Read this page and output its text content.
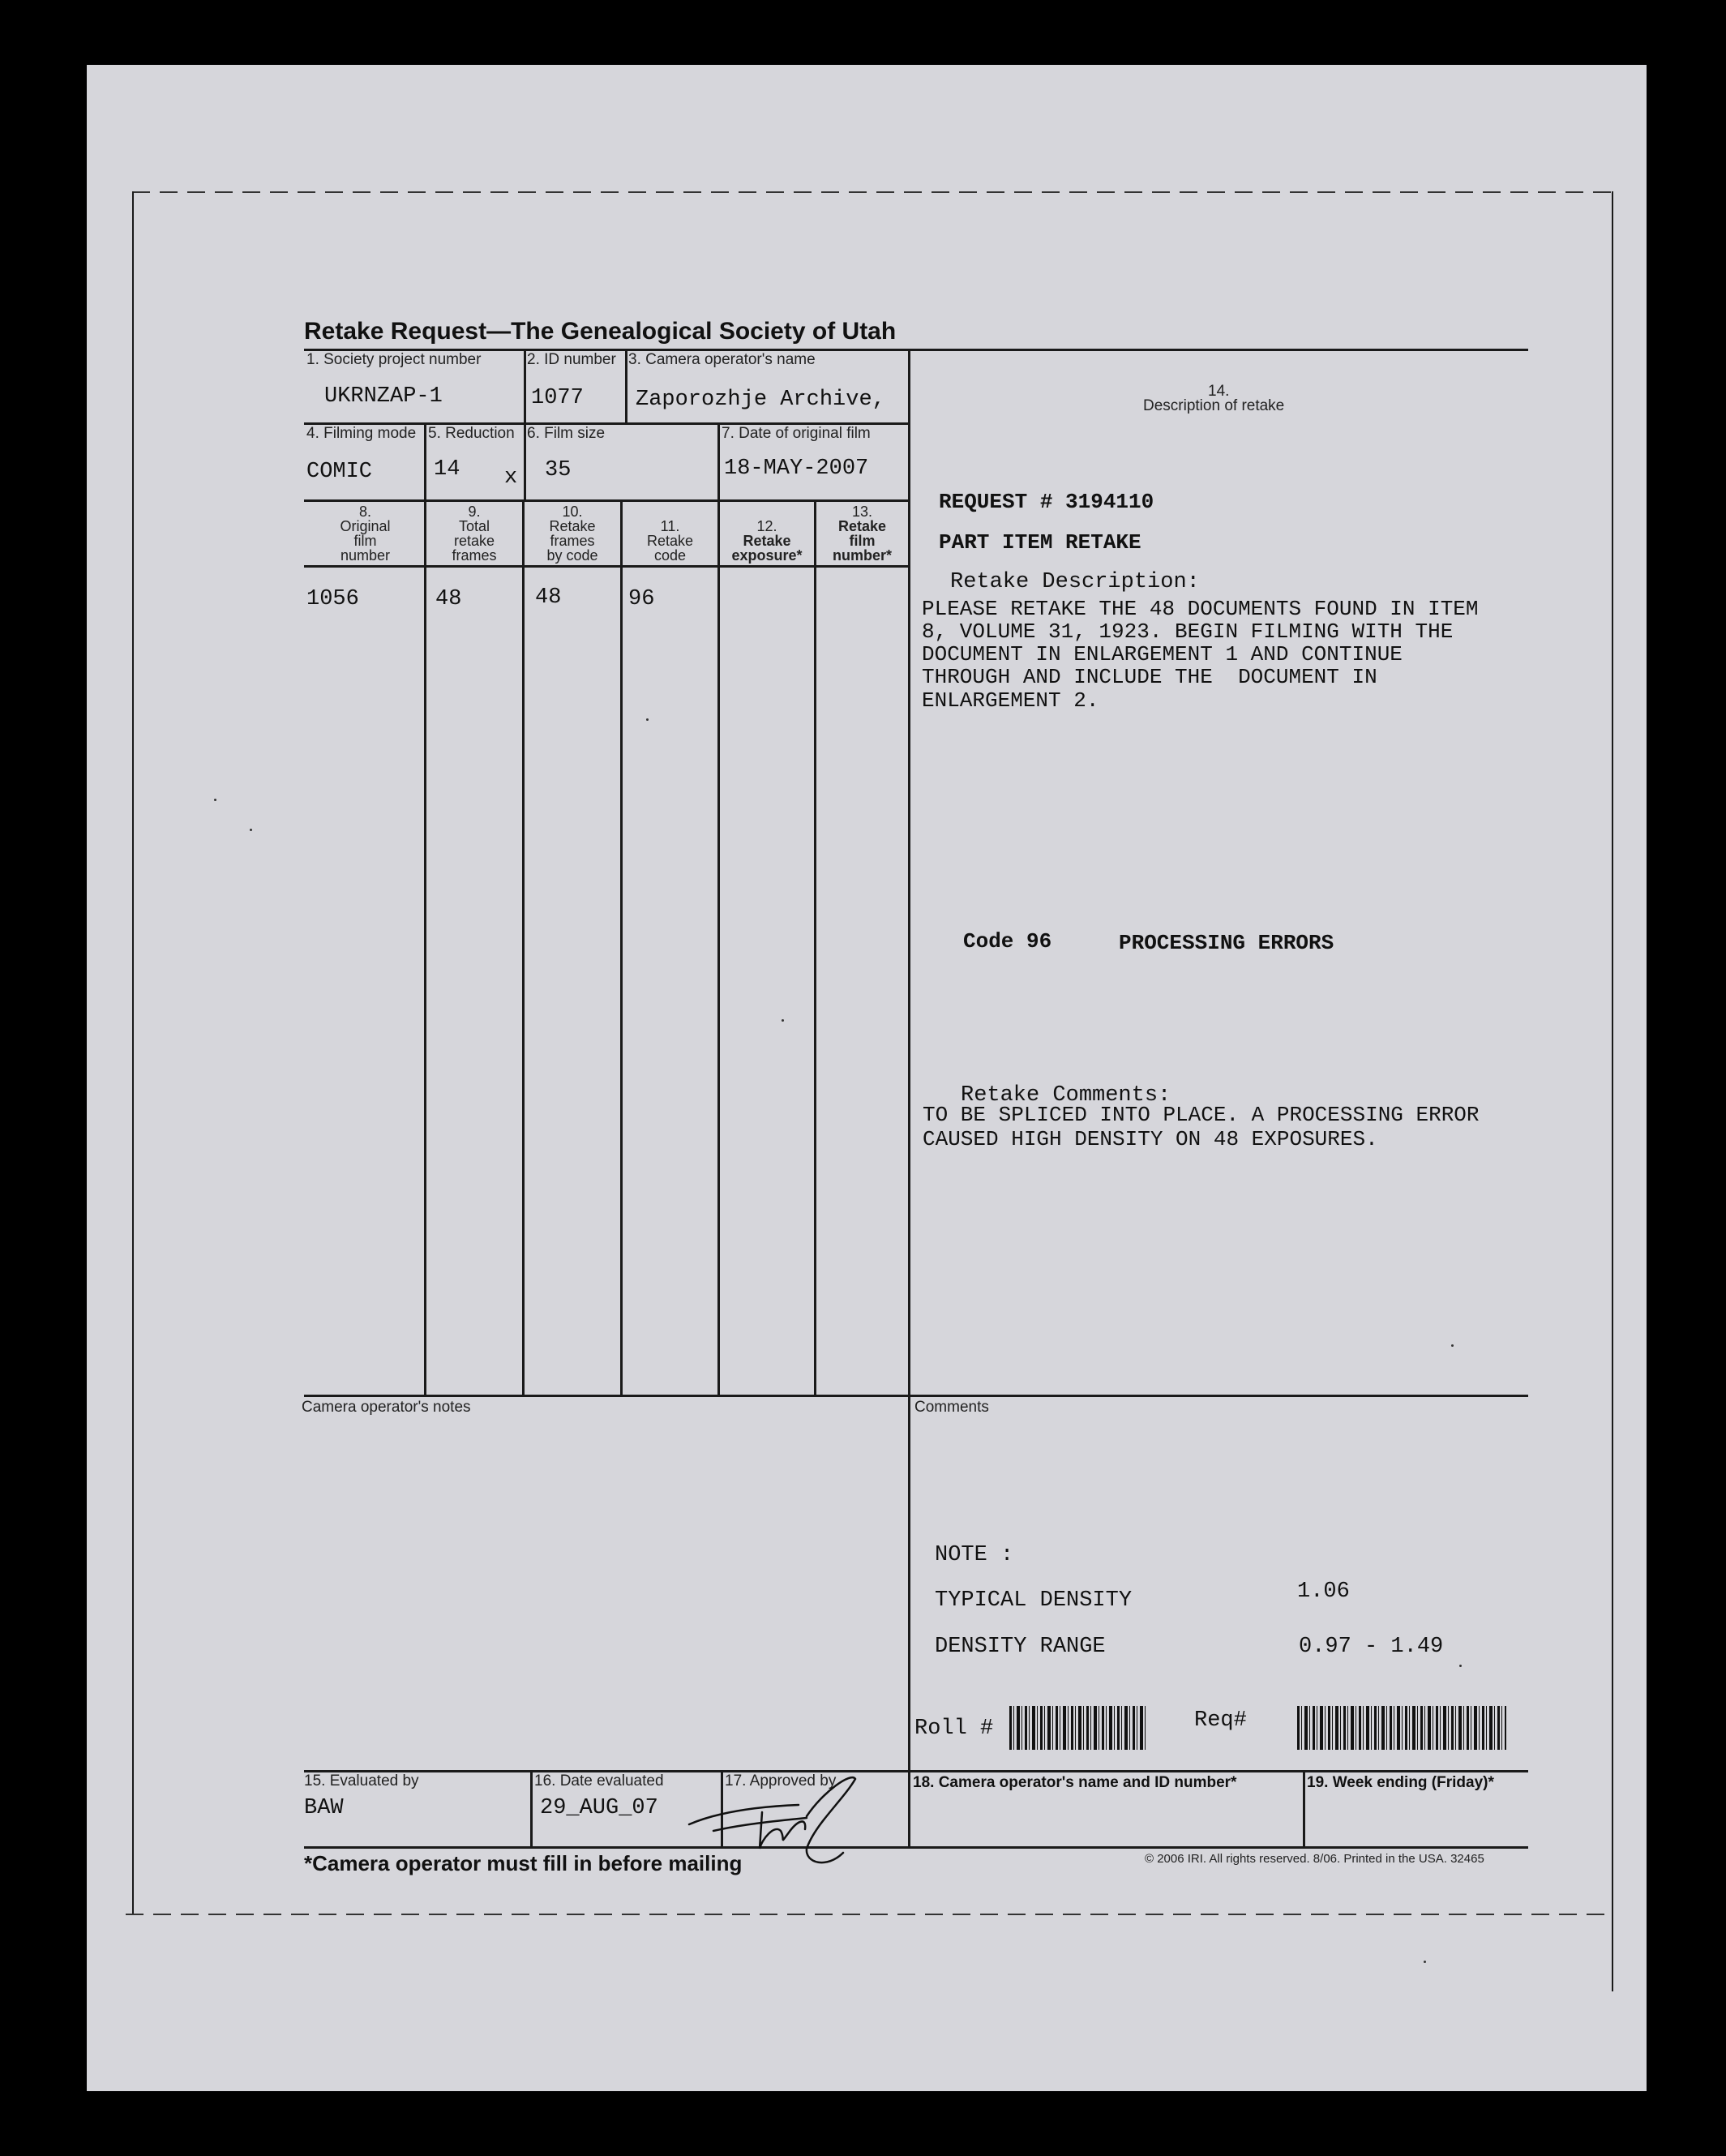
Retake Request—The Genealogical Society of Utah
1. Society project number
UKRNZAP-1
2. ID number
1077
3. Camera operator's name
Zaporozhje Archive,	14.
Description of retake
4. Filming mode
COMIC
5. Reduction
14 x
6. Film size
35
7. Date of original film
18-MAY-2007
8.
Original
film
number
9.
Total
retake
frames
10.
Retake
frames
by code
11.
Retake
code
12.
Retake
exposure*
13.
Retake
film
number*
1056	48	48	96
REQUEST # 3194110
PART ITEM RETAKE
Retake Description:
PLEASE RETAKE THE 48 DOCUMENTS FOUND IN ITEM
8, VOLUME 31, 1923. BEGIN FILMING WITH THE
DOCUMENT IN ENLARGEMENT 1 AND CONTINUE
THROUGH AND INCLUDE THE  DOCUMENT IN
ENLARGEMENT 2.
Code 96	PROCESSING ERRORS
Retake Comments:
TO BE SPLICED INTO PLACE. A PROCESSING ERROR
CAUSED HIGH DENSITY ON 48 EXPOSURES.
Camera operator's notes	Comments
NOTE :
TYPICAL DENSITY	1.06
DENSITY RANGE	0.97 - 1.49
Roll #	Req#
15. Evaluated by
BAW
16. Date evaluated
29_AUG_07
17. Approved by	18. Camera operator's name and ID number*	19. Week ending (Friday)*
*Camera operator must fill in before mailing	© 2006 IRI. All rights reserved. 8/06. Printed in the USA. 32465
